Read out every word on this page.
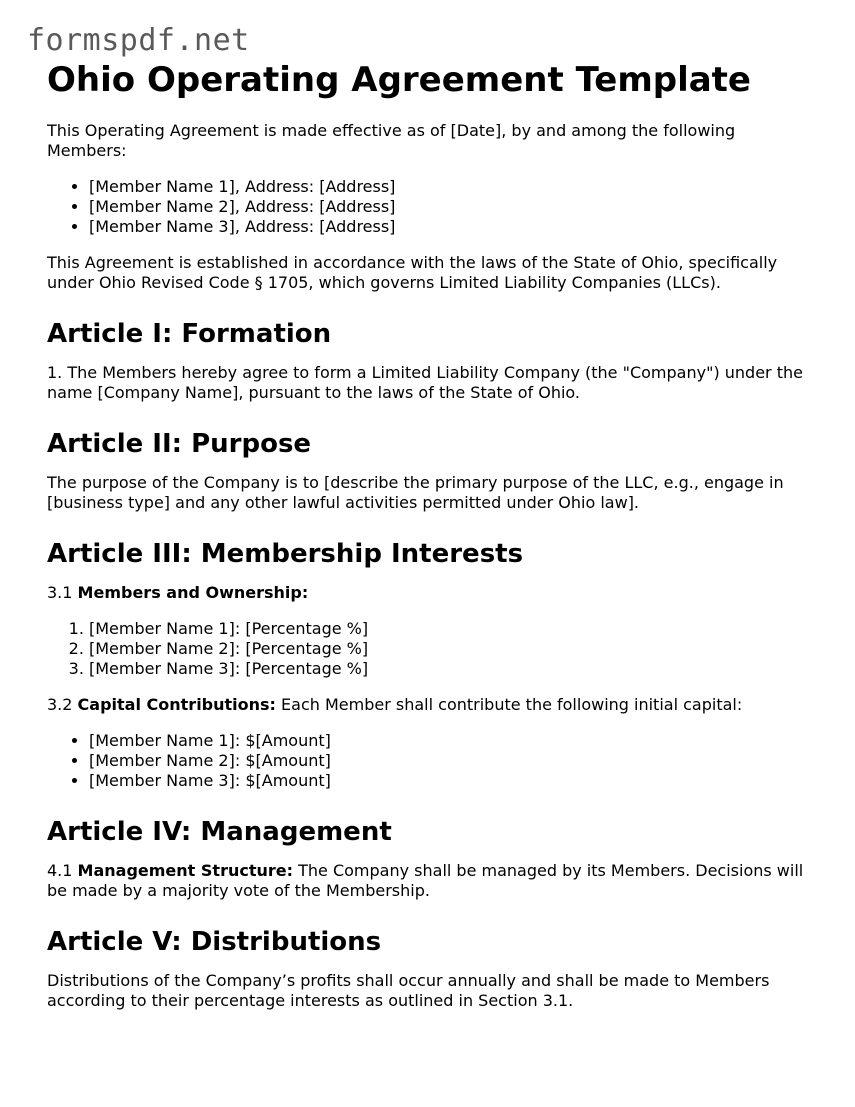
formspdf.net
Ohio Operating Agreement Template

This Operating Agreement is made effective as of [Date], by and among the following Members:

• [Member Name 1], Address: [Address]
• [Member Name 2], Address: [Address]
• [Member Name 3], Address: [Address]

This Agreement is established in accordance with the laws of the State of Ohio, specifically under Ohio Revised Code § 1705, which governs Limited Liability Companies (LLCs).

Article I: Formation

1. The Members hereby agree to form a Limited Liability Company (the "Company") under the name [Company Name], pursuant to the laws of the State of Ohio.

Article II: Purpose

The purpose of the Company is to [describe the primary purpose of the LLC, e.g., engage in [business type] and any other lawful activities permitted under Ohio law].

Article III: Membership Interests

3.1 Members and Ownership:

1. [Member Name 1]: [Percentage %]
2. [Member Name 2]: [Percentage %]
3. [Member Name 3]: [Percentage %]

3.2 Capital Contributions: Each Member shall contribute the following initial capital:

• [Member Name 1]: $[Amount]
• [Member Name 2]: $[Amount]
• [Member Name 3]: $[Amount]
Article IV: Management

4.1 Management Structure: The Company shall be managed by its Members. Decisions will be made by a majority vote of the Membership.

Article V: Distributions

Distributions of the Company’s profits shall occur annually and shall be made to Members according to their percentage interests as outlined in Section 3.1.
